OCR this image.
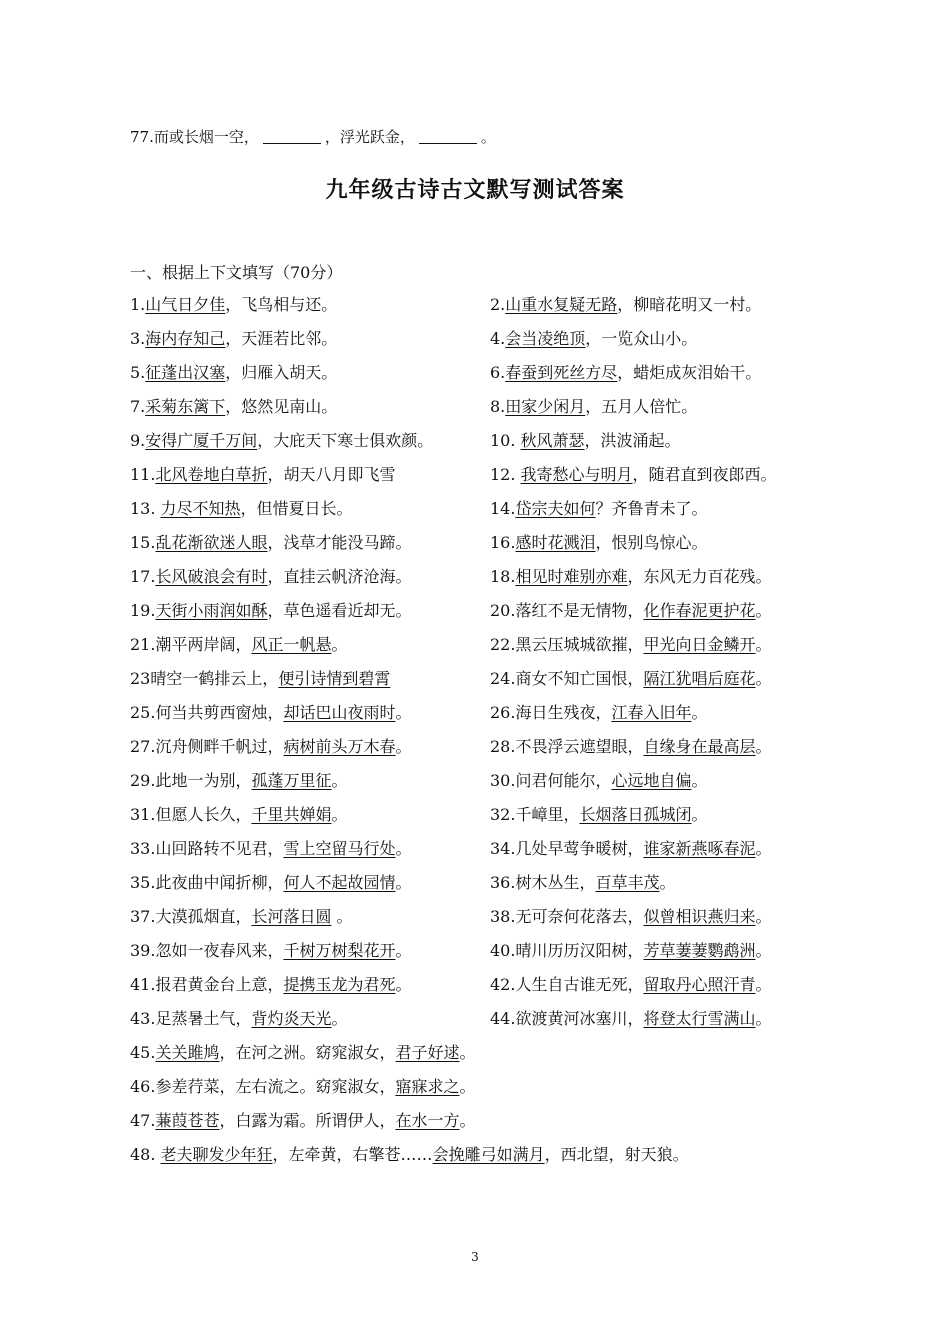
77.而或长烟一空，	，浮光跃金，	。
九年级古诗古文默写测试答案
一、根据上下文填写（70分）
1.山气日夕佳，飞鸟相与还。	2.山重水复疑无路，柳暗花明又一村。
3.海内存知己，天涯若比邻。	4.会当凌绝顶，一览众山小。
5.征蓬出汉塞，归雁入胡天。	6.春蚕到死丝方尽，蜡炬成灰泪始干。
7.采菊东篱下，悠然见南山。	8.田家少闲月，五月人倍忙。
9.安得广厦千万间，大庇天下寒士俱欢颜。	10. 秋风萧瑟，洪波涌起。
11.北风卷地白草折，胡天八月即飞雪	12. 我寄愁心与明月，随君直到夜郎西。
13. 力尽不知热，但惜夏日长。	14.岱宗夫如何？齐鲁青未了。
15.乱花渐欲迷人眼，浅草才能没马蹄。	16.感时花溅泪，恨别鸟惊心。
17.长风破浪会有时，直挂云帆济沧海。	18.相见时难别亦难，东风无力百花残。
19.天街小雨润如酥，草色遥看近却无。	20.落红不是无情物，化作春泥更护花。
21.潮平两岸阔，风正一帆悬。	22.黑云压城城欲摧，甲光向日金鳞开。
23晴空一鹤排云上，便引诗情到碧霄	24.商女不知亡国恨，隔江犹唱后庭花。
25.何当共剪西窗烛，却话巴山夜雨时。	26.海日生残夜，江春入旧年。
27.沉舟侧畔千帆过，病树前头万木春。	28.不畏浮云遮望眼，自缘身在最高层。
29.此地一为别，孤蓬万里征。	30.问君何能尔，心远地自偏。
31.但愿人长久，千里共婵娟。	32.千嶂里，长烟落日孤城闭。
33.山回路转不见君，雪上空留马行处。	34.几处早莺争暖树，谁家新燕啄春泥。
35.此夜曲中闻折柳，何人不起故园情。	36.树木丛生，百草丰茂。
37.大漠孤烟直，长河落日圆 。	38.无可奈何花落去，似曾相识燕归来。
39.忽如一夜春风来，千树万树梨花开。	40.晴川历历汉阳树，芳草萋萋鹦鹉洲。
41.报君黄金台上意，提携玉龙为君死。	42.人生自古谁无死，留取丹心照汗青。
43.足蒸暑土气，背灼炎天光。	44.欲渡黄河冰塞川，将登太行雪满山。
45.关关雎鸠，在河之洲。窈窕淑女，君子好逑。
46.参差荇菜，左右流之。窈窕淑女，寤寐求之。
47.蒹葭苍苍，白露为霜。所谓伊人，在水一方。
48. 老夫聊发少年狂，左牵黄，右擎苍……会挽雕弓如满月，西北望，射天狼。
3
